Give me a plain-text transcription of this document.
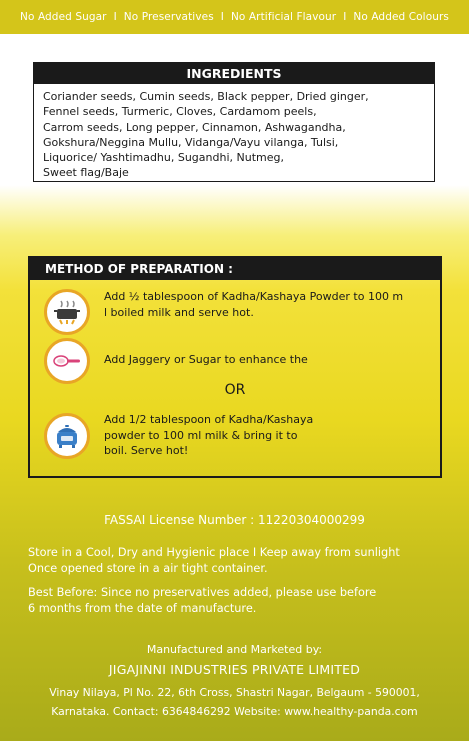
No Added Sugar I No Preservatives I No Artificial Flavour I No Added Colours
INGREDIENTS
Coriander seeds, Cumin seeds, Black pepper, Dried ginger,
Fennel seeds, Turmeric, Cloves, Cardamom peels,
Carrom seeds, Long pepper, Cinnamon, Ashwagandha,
Gokshura/Neggina Mullu, Vidanga/Vayu vilanga, Tulsi,
Liquorice/ Yashtimadhu, Sugandhi, Nutmeg,
Sweet flag/Baje
METHOD OF PREPARATION :
Add ½ tablespoon of Kadha/Kashaya Powder to 100 m
l boiled milk and serve hot.
Add Jaggery or Sugar to enhance the
OR
Add 1/2 tablespoon of Kadha/Kashaya
powder to 100 ml milk & bring it to
boil. Serve hot!
FASSAI License Number : 11220304000299
Store in a Cool, Dry and Hygienic place I Keep away from sunlight
Once opened store in a air tight container.
Best Before: Since no preservatives added, please use before
6 months from the date of manufacture.
Manufactured and Marketed by:
JIGAJINNI INDUSTRIES PRIVATE LIMITED
Vinay Nilaya, Pl No. 22, 6th Cross, Shastri Nagar, Belgaum - 590001,
Karnataka. Contact: 6364846292 Website: www.healthy-panda.com
